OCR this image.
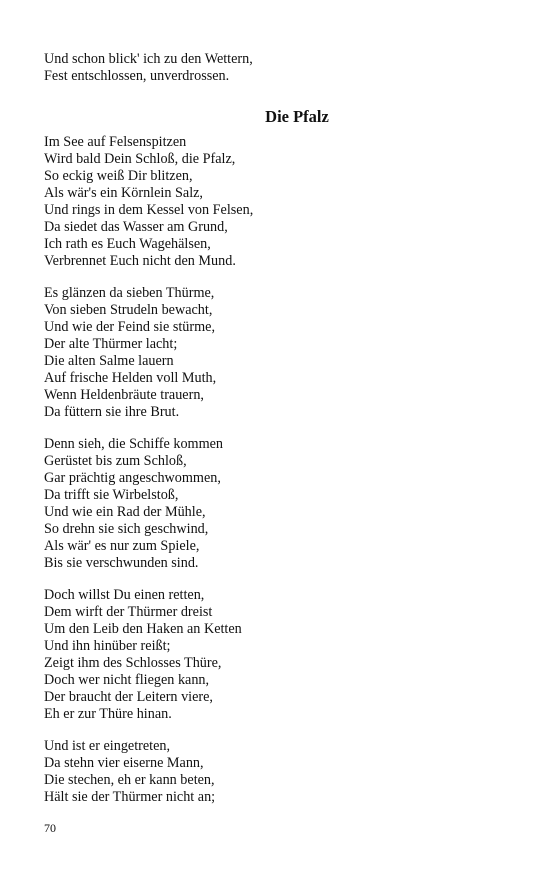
Und schon blick' ich zu den Wettern,
Fest entschlossen, unverdrossen.
Die Pfalz
Im See auf Felsenspitzen
Wird bald Dein Schloß, die Pfalz,
So eckig weiß Dir blitzen,
Als wär's ein Körnlein Salz,
Und rings in dem Kessel von Felsen,
Da siedet das Wasser am Grund,
Ich rath es Euch Wagehälsen,
Verbrennet Euch nicht den Mund.
Es glänzen da sieben Thürme,
Von sieben Strudeln bewacht,
Und wie der Feind sie stürme,
Der alte Thürmer lacht;
Die alten Salme lauern
Auf frische Helden voll Muth,
Wenn Heldenbräute trauern,
Da füttern sie ihre Brut.
Denn sieh, die Schiffe kommen
Gerüstet bis zum Schloß,
Gar prächtig angeschwommen,
Da trifft sie Wirbelstoß,
Und wie ein Rad der Mühle,
So drehn sie sich geschwind,
Als wär' es nur zum Spiele,
Bis sie verschwunden sind.
Doch willst Du einen retten,
Dem wirft der Thürmer dreist
Um den Leib den Haken an Ketten
Und ihn hinüber reißt;
Zeigt ihm des Schlosses Thüre,
Doch wer nicht fliegen kann,
Der braucht der Leitern viere,
Eh er zur Thüre hinan.
Und ist er eingetreten,
Da stehn vier eiserne Mann,
Die stechen, eh er kann beten,
Hält sie der Thürmer nicht an;
70
